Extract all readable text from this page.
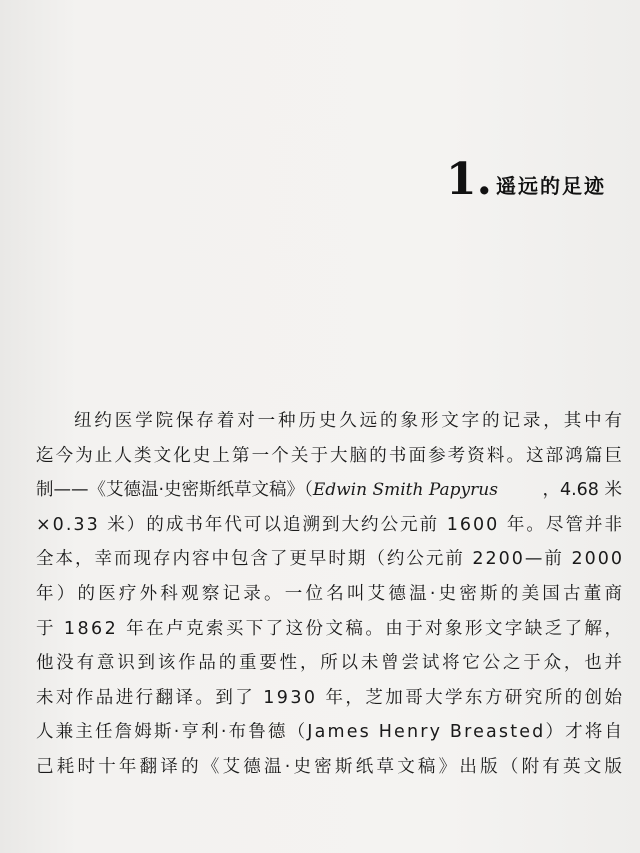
1 . 遥远的足迹
纽约医学院保存着对一种历史久远的象形文字的记录，其中有
迄今为止人类文化史上第一个关于大脑的书面参考资料。这部鸿篇巨
制——《艾德温·史密斯纸草文稿》（ Edwin Smith Papyrus	，4.68 米
×0.33 米）的成书年代可以追溯到大约公元前 1600 年。尽管并非
全本，幸而现存内容中包含了更早时期（约公元前 2200—前 2000
年）的医疗外科观察记录。一位名叫艾德温·史密斯的美国古董商
于 1862 年在卢克索买下了这份文稿。由于对象形文字缺乏了解，
他没有意识到该作品的重要性，所以未曾尝试将它公之于众，也并
未对作品进行翻译。到了 1930 年，芝加哥大学东方研究所的创始
人兼主任詹姆斯·亨利·布鲁德（James Henry Breasted）才将自
己耗时十年翻译的《艾德温·史密斯纸草文稿》出版（附有英文版
